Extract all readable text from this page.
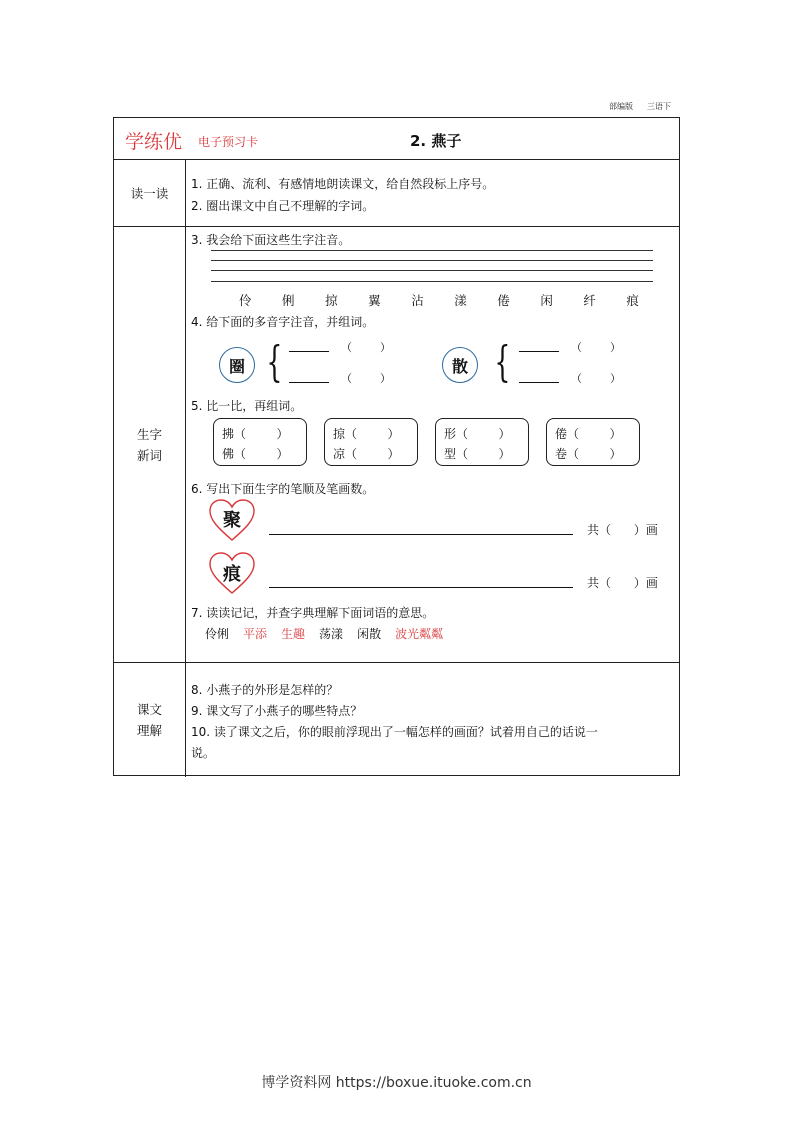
部编版 三语下
学练优 电子预习卡	2. 燕子
读一读
1. 正确、流利、有感情地朗读课文，给自然段标上序号。
2. 圈出课文中自己不理解的字词。
生字
新词
3. 我会给下面这些生字注音。
伶 俐 掠 翼 沾 漾 倦 闲 纤 痕
4. 给下面的多音字注音，并组词。
圈 {	（        ）
（        ）
散 {	（        ）
（        ）
5. 比一比，再组词。
拂（        ）
佛（        ）
掠（        ）
凉（        ）
形（        ）
型（        ）
倦（        ）
卷（        ）
6. 写出下面生字的笔顺及笔画数。
聚	共（      ）画
痕	共（      ）画
7. 读读记记，并查字典理解下面词语的意思。
伶俐 平添 生趣 荡漾 闲散 波光粼粼
课文
理解
8. 小燕子的外形是怎样的？
9. 课文写了小燕子的哪些特点？
10. 读了课文之后，你的眼前浮现出了一幅怎样的画面？试着用自己的话说一
说。
博学资料网 https://boxue.ituoke.com.cn
